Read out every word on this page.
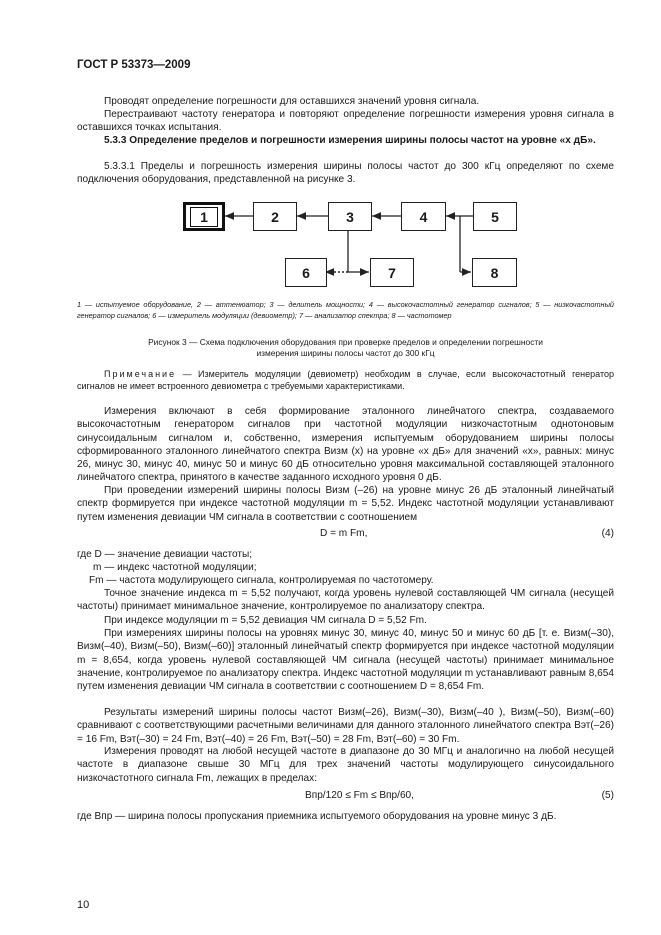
ГОСТ Р 53373—2009
Проводят определение погрешности для оставшихся значений уровня сигнала.
Перестраивают частоту генератора и повторяют определение погрешности измерения уровня сигнала в оставшихся точках испытания.
5.3.3 Определение пределов и погрешности измерения ширины полосы частот на уровне «x дБ».
5.3.3.1 Пределы и погрешность измерения ширины полосы частот до 300 кГц определяют по схеме подключения оборудования, представленной на рисунке 3.
1	2	3	4	5
6	7	8
1 — испытуемое оборудование, 2 — аттенюатор; 3 — делитель мощности; 4 — высокочастотный генератор сигналов; 5 — низкочастотный генератор сигналов; 6 — измеритель модуляции (девиометр); 7 — анализатор спектра; 8 — частотомер
Рисунок 3 — Схема подключения оборудования при проверке пределов и определении погрешности
измерения ширины полосы частот до 300 кГц
Примечание — Измеритель модуляции (девиометр) необходим в случае, если высокочастотный генератор сигналов не имеет встроенного девиометра с требуемыми характеристиками.
Измерения включают в себя формирование эталонного линейчатого спектра, создаваемого высокочастотным генератором сигналов при частотной модуляции низкочастотным однотоновым синусоидальным сигналом и, собственно, измерения испытуемым оборудованием ширины полосы сформированного эталонного линейчатого спектра Bизм (x) на уровне «x дБ» для значений «x», равных: минус 26, минус 30, минус 40, минус 50 и минус 60 дБ относительно уровня максимальной составляющей эталонного линейчатого спектра, принятого в качестве заданного исходного уровня 0 дБ.
При проведении измерений ширины полосы Bизм (–26) на уровне минус 26 дБ эталонный линейчатый спектр формируется при индексе частотной модуляции m = 5,52. Индекс частотной модуляции устанавливают путем изменения девиации ЧМ сигнала в соответствии с соотношением
D = m Fm,	(4)
где D — значение девиации частоты;
m — индекс частотной модуляции;
Fm — частота модулирующего сигнала, контролируемая по частотомеру.
Точное значение индекса m = 5,52 получают, когда уровень нулевой составляющей ЧМ сигнала (несущей частоты) принимает минимальное значение, контролируемое по анализатору спектра.
При индексе модуляции m = 5,52 девиация ЧМ сигнала D = 5,52 Fm.
При измерениях ширины полосы на уровнях минус 30, минус 40, минус 50 и минус 60 дБ [т. е. Bизм(–30), Bизм(–40), Bизм(–50), Bизм(–60)] эталонный линейчатый спектр формируется при индексе частотной модуляции m = 8,654, когда уровень нулевой составляющей ЧМ сигнала (несущей частоты) принимает минимальное значение, контролируемое по анализатору спектра. Индекс частотной модуляции m устанавливают равным 8,654 путем изменения девиации ЧМ сигнала в соответствии с соотношением D = 8,654 Fm.
Результаты измерений ширины полосы частот Bизм(–26), Bизм(–30), Bизм(–40 ), Bизм(–50), Bизм(–60) сравнивают с соответствующими расчетными величинами для данного эталонного линейчатого спектра Bэт(–26) = 16 Fm, Bэт(–30) = 24 Fm, Bэт(–40) = 26 Fm, Bэт(–50) = 28 Fm, Bэт(–60) = 30 Fm.
Измерения проводят на любой несущей частоте в диапазоне до 30 МГц и аналогично на любой несущей частоте в диапазоне свыше 30 МГц для трех значений частоты модулирующего синусоидального низкочастотного сигнала Fm, лежащих в пределах:
Bпр/120 ≤ Fm ≤ Bпр/60,	(5)
где Bпр — ширина полосы пропускания приемника испытуемого оборудования на уровне минус 3 дБ.
10
